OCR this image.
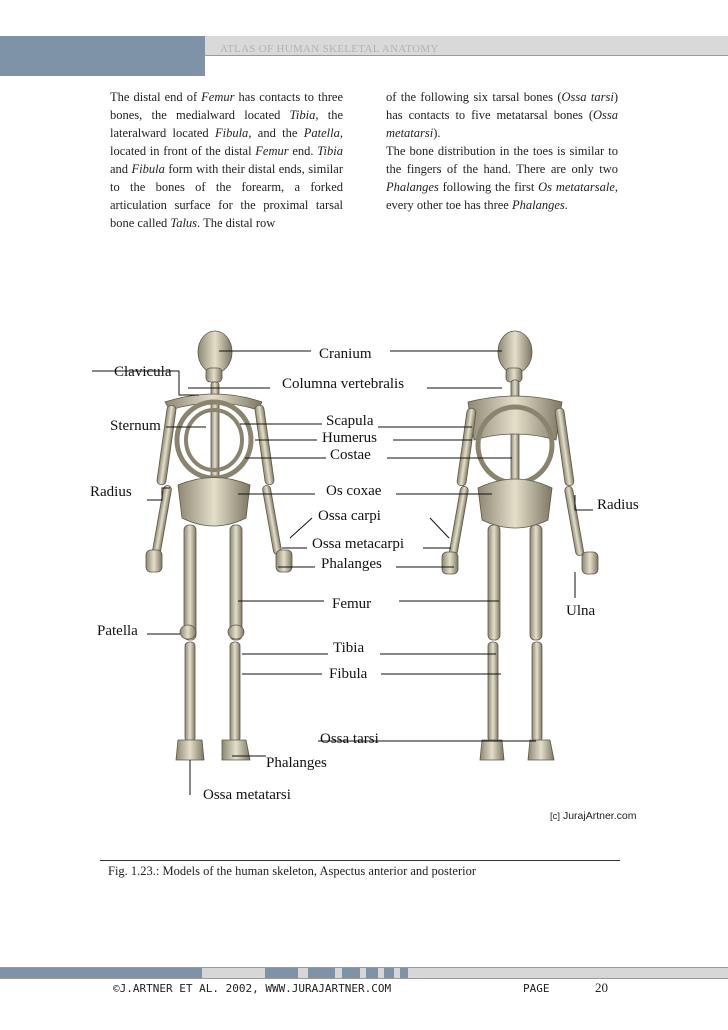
ATLAS OF HUMAN SKELETAL ANATOMY

The distal end of Femur has contacts to three bones, the medialward located Tibia, the lateralward located Fibula, and the Patella, located in front of the distal Femur end. Tibia and Fibula form with their distal ends, similar to the bones of the forearm, a forked articulation surface for the proximal tarsal bone called Talus. The distal row

of the following six tarsal bones (Ossa tarsi) has contacts to five metatarsal bones (Ossa metatarsi).

The bone distribution in the toes is similar to the fingers of the hand. There are only two Phalanges following the first Os metatarsale, every other toe has three Phalanges.

Cranium
Clavicula
Columna vertebralis
Sternum	Scapula
Humerus
Costae
Radius	Os coxae
Radius
Ossa carpi
Ossa metacarpi
Phalanges
Femur	Ulna
Patella
Tibia
Fibula
Ossa tarsi
Phalanges
Ossa metatarsi
[c] JurajArtner.com
Fig. 1.23.: Models of the human skeleton, Aspectus anterior and posterior
©J.ARTNER ET AL. 2002, WWW.JURAJARTNER.COM	PAGE	20
